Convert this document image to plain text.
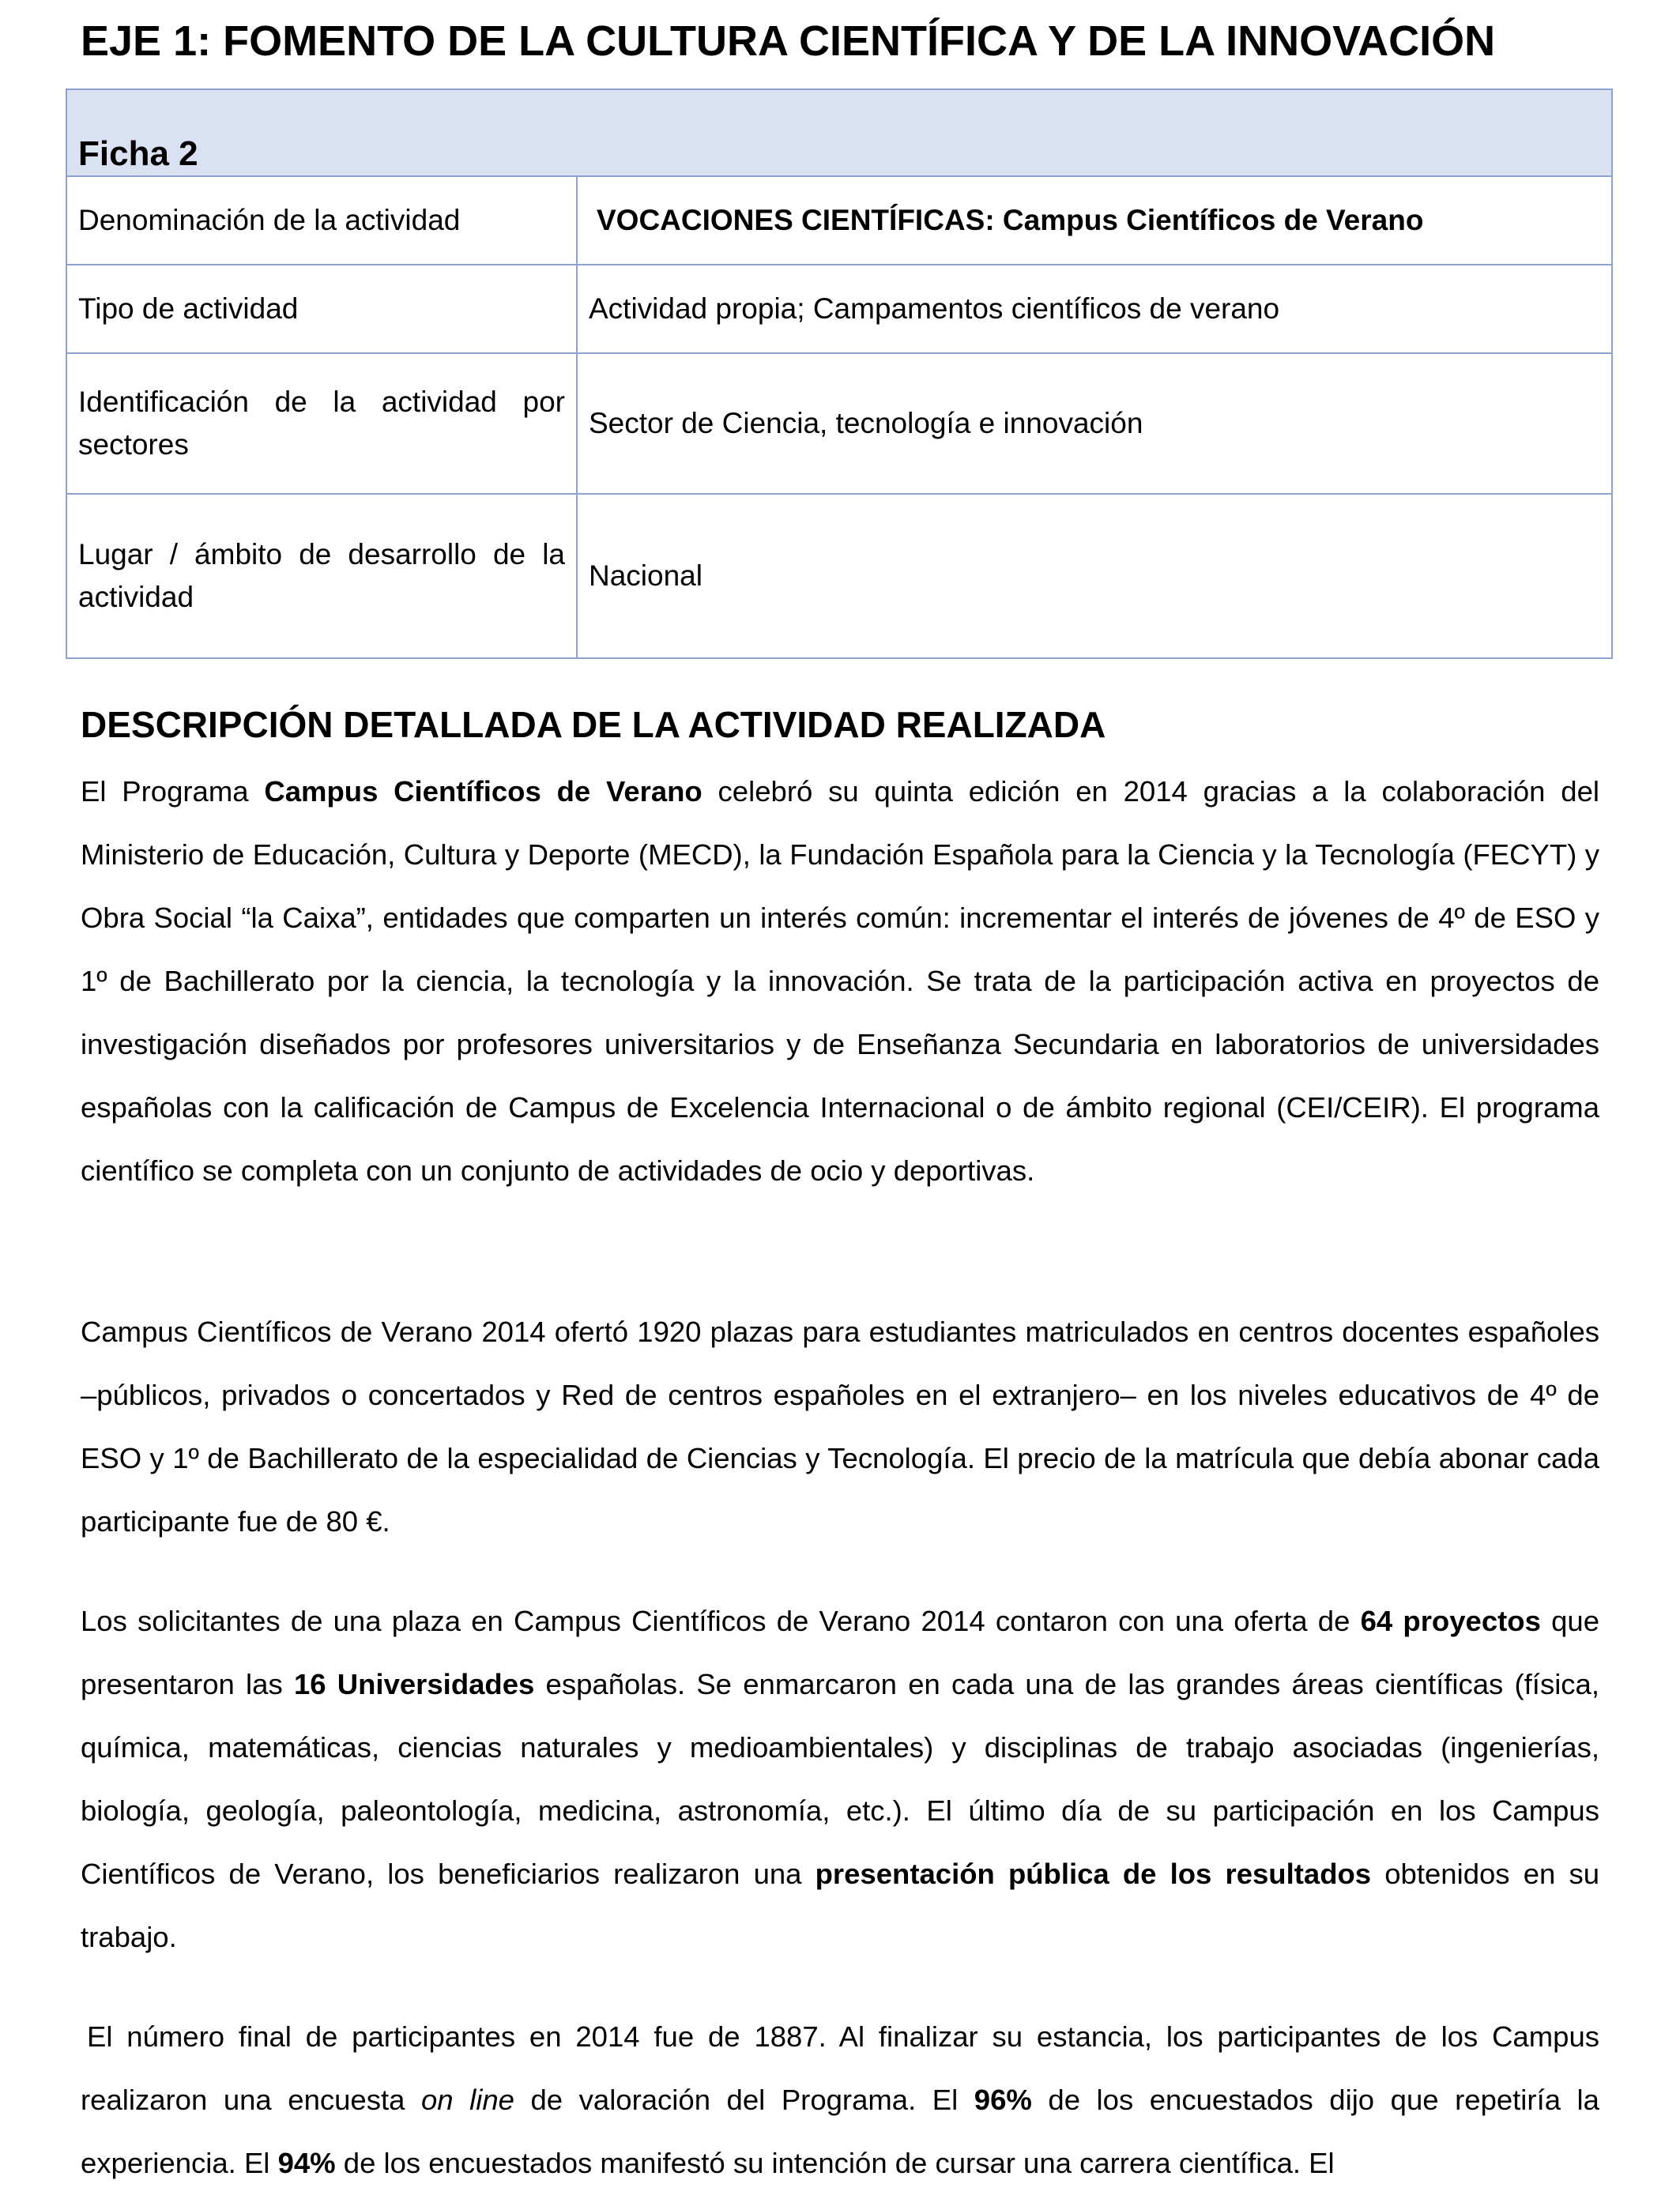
EJE 1: FOMENTO DE LA CULTURA CIENTÍFICA Y DE LA INNOVACIÓN
Ficha 2	
Denominación de la actividad	VOCACIONES CIENTÍFICAS: Campus Científicos de Verano
Tipo de actividad	Actividad propia; Campamentos científicos de verano
Identificación de la actividad por sectores	Sector de Ciencia, tecnología e innovación
Lugar / ámbito de desarrollo de la actividad	Nacional
DESCRIPCIÓN DETALLADA DE LA ACTIVIDAD REALIZADA

El Programa Campus Científicos de Verano celebró su quinta edición en 2014 gracias a la colaboración del Ministerio de Educación, Cultura y Deporte (MECD), la Fundación Española para la Ciencia y la Tecnología (FECYT) y Obra Social “la Caixa”, entidades que comparten un interés común: incrementar el interés de jóvenes de 4º de ESO y 1º de Bachillerato por la ciencia, la tecnología y la innovación. Se trata de la participación activa en proyectos de investigación diseñados por profesores universitarios y de Enseñanza Secundaria en laboratorios de universidades españolas con la calificación de Campus de Excelencia Internacional o de ámbito regional (CEI/CEIR). El programa científico se completa con un conjunto de actividades de ocio y deportivas.

Campus Científicos de Verano 2014 ofertó 1920 plazas para estudiantes matriculados en centros docentes españoles –públicos, privados o concertados y Red de centros españoles en el extranjero– en los niveles educativos de 4º de ESO y 1º de Bachillerato de la especialidad de Ciencias y Tecnología. El precio de la matrícula que debía abonar cada participante fue de 80 €.

Los solicitantes de una plaza en Campus Científicos de Verano 2014 contaron con una oferta de 64 proyectos que presentaron las 16 Universidades españolas. Se enmarcaron en cada una de las grandes áreas científicas (física, química, matemáticas, ciencias naturales y medioambientales) y disciplinas de trabajo asociadas (ingenierías, biología, geología, paleontología, medicina, astronomía, etc.). El último día de su participación en los Campus Científicos de Verano, los beneficiarios realizaron una presentación pública de los resultados obtenidos en su trabajo.

El número final de participantes en 2014 fue de 1887. Al finalizar su estancia, los participantes de los Campus realizaron una encuesta on line de valoración del Programa. El 96% de los encuestados dijo que repetiría la experiencia. El 94% de los encuestados manifestó su intención de cursar una carrera científica. El
